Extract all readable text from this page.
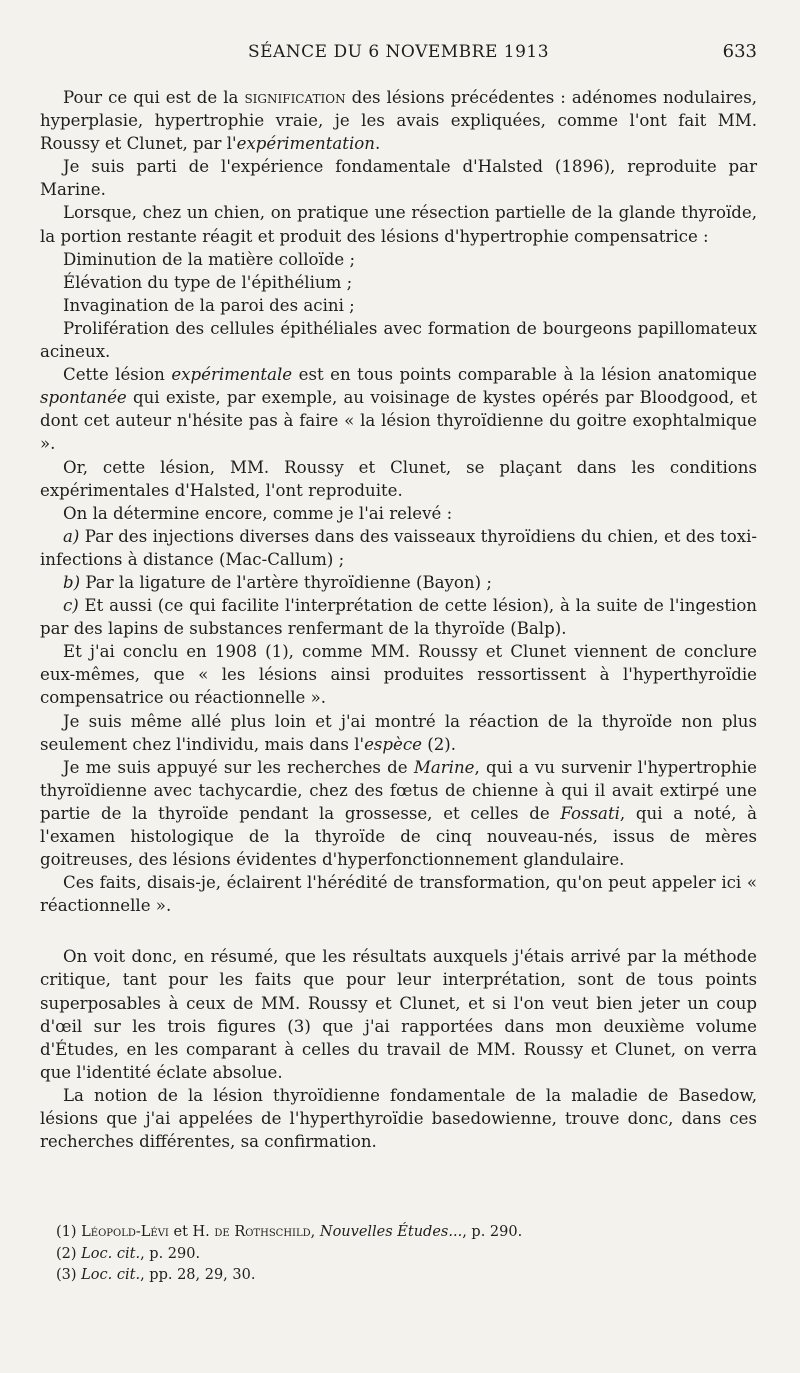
SÉANCE DU 6 NOVEMBRE 1913	633

Pour ce qui est de la signification des lésions précédentes : adénomes nodulaires, hyperplasie, hypertrophie vraie, je les avais expliquées, comme l'ont fait MM. Roussy et Clunet, par l'expérimentation.

Je suis parti de l'expérience fondamentale d'Halsted (1896), reproduite par Marine.

Lorsque, chez un chien, on pratique une résection partielle de la glande thyroïde, la portion restante réagit et produit des lésions d'hypertrophie compensatrice :

Diminution de la matière colloïde ;

Élévation du type de l'épithélium ;

Invagination de la paroi des acini ;

Prolifération des cellules épithéliales avec formation de bourgeons papillomateux acineux.

Cette lésion expérimentale est en tous points comparable à la lésion anatomique spontanée qui existe, par exemple, au voisinage de kystes opérés par Bloodgood, et dont cet auteur n'hésite pas à faire « la lésion thyroïdienne du goitre exophtalmique ».

Or, cette lésion, MM. Roussy et Clunet, se plaçant dans les conditions expérimentales d'Halsted, l'ont reproduite.

On la détermine encore, comme je l'ai relevé :

a) Par des injections diverses dans des vaisseaux thyroïdiens du chien, et des toxi-infections à distance (Mac-Callum) ;

b) Par la ligature de l'artère thyroïdienne (Bayon) ;

c) Et aussi (ce qui facilite l'interprétation de cette lésion), à la suite de l'ingestion par des lapins de substances renfermant de la thyroïde (Balp).

Et j'ai conclu en 1908 (1), comme MM. Roussy et Clunet viennent de conclure eux-mêmes, que « les lésions ainsi produites ressortissent à l'hyperthyroïdie compensatrice ou réactionnelle ».

Je suis même allé plus loin et j'ai montré la réaction de la thyroïde non plus seulement chez l'individu, mais dans l'espèce (2).

Je me suis appuyé sur les recherches de Marine, qui a vu survenir l'hypertrophie thyroïdienne avec tachycardie, chez des fœtus de chienne à qui il avait extirpé une partie de la thyroïde pendant la grossesse, et celles de Fossati, qui a noté, à l'examen histologique de la thyroïde de cinq nouveau-nés, issus de mères goitreuses, des lésions évidentes d'hyperfonctionnement glandulaire.

Ces faits, disais-je, éclairent l'hérédité de transformation, qu'on peut appeler ici « réactionnelle ».

On voit donc, en résumé, que les résultats auxquels j'étais arrivé par la méthode critique, tant pour les faits que pour leur interprétation, sont de tous points superposables à ceux de MM. Roussy et Clunet, et si l'on veut bien jeter un coup d'œil sur les trois figures (3) que j'ai rapportées dans mon deuxième volume d'Études, en les comparant à celles du travail de MM. Roussy et Clunet, on verra que l'identité éclate absolue.

La notion de la lésion thyroïdienne fondamentale de la maladie de Basedow, lésions que j'ai appelées de l'hyperthyroïdie basedowienne, trouve donc, dans ces recherches différentes, sa confirmation.

(1) Léopold-Lévi et H. de Rothschild, Nouvelles Études..., p. 290.
(2) Loc. cit., p. 290.
(3) Loc. cit., pp. 28, 29, 30.
